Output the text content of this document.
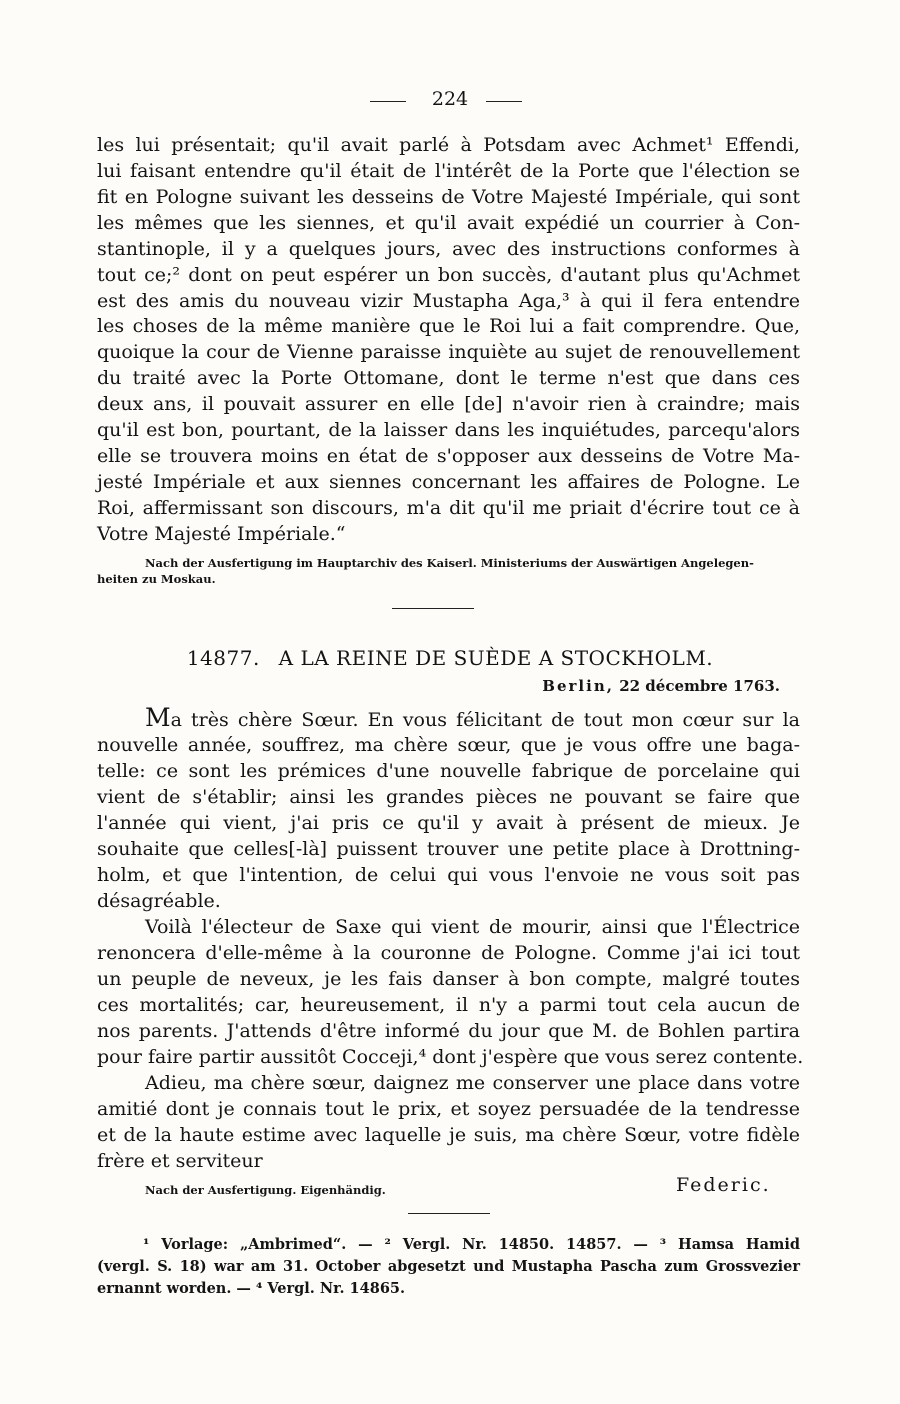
224
les lui présentait; qu'il avait parlé à Potsdam avec Achmet¹ Effendi,
lui faisant entendre qu'il était de l'intérêt de la Porte que l'élection se
fit en Pologne suivant les desseins de Votre Majesté Impériale, qui sont
les mêmes que les siennes, et qu'il avait expédié un courrier à Con-
stantinople, il y a quelques jours, avec des instructions conformes à
tout ce;² dont on peut espérer un bon succès, d'autant plus qu'Achmet
est des amis du nouveau vizir Mustapha Aga,³ à qui il fera entendre
les choses de la même manière que le Roi lui a fait comprendre. Que,
quoique la cour de Vienne paraisse inquiète au sujet de renouvellement
du traité avec la Porte Ottomane, dont le terme n'est que dans ces
deux ans, il pouvait assurer en elle [de] n'avoir rien à craindre; mais
qu'il est bon, pourtant, de la laisser dans les inquiétudes, parcequ'alors
elle se trouvera moins en état de s'opposer aux desseins de Votre Ma-
jesté Impériale et aux siennes concernant les affaires de Pologne. Le
Roi, affermissant son discours, m'a dit qu'il me priait d'écrire tout ce à
Votre Majesté Impériale.“
Nach der Ausfertigung im Hauptarchiv des Kaiserl. Ministeriums der Auswärtigen Angelegen-
heiten zu Moskau.
14877. A LA REINE DE SUÈDE A STOCKHOLM.
Berlin, 22 décembre 1763.
Ma très chère Sœur. En vous félicitant de tout mon cœur sur la
nouvelle année, souffrez, ma chère sœur, que je vous offre une baga-
telle: ce sont les prémices d'une nouvelle fabrique de porcelaine qui
vient de s'établir; ainsi les grandes pièces ne pouvant se faire que
l'année qui vient, j'ai pris ce qu'il y avait à présent de mieux. Je
souhaite que celles[-là] puissent trouver une petite place à Drottning-
holm, et que l'intention, de celui qui vous l'envoie ne vous soit pas
désagréable.
Voilà l'électeur de Saxe qui vient de mourir, ainsi que l'Électrice
renoncera d'elle-même à la couronne de Pologne. Comme j'ai ici tout
un peuple de neveux, je les fais danser à bon compte, malgré toutes
ces mortalités; car, heureusement, il n'y a parmi tout cela aucun de
nos parents. J'attends d'être informé du jour que M. de Bohlen partira
pour faire partir aussitôt Cocceji,⁴ dont j'espère que vous serez contente.
Adieu, ma chère sœur, daignez me conserver une place dans votre
amitié dont je connais tout le prix, et soyez persuadée de la tendresse
et de la haute estime avec laquelle je suis, ma chère Sœur, votre fidèle
frère et serviteur
Nach der Ausfertigung. Eigenhändig.	Federic.
¹ Vorlage: „Ambrimed“. — ² Vergl. Nr. 14850. 14857. — ³ Hamsa Hamid
(vergl. S. 18) war am 31. October abgesetzt und Mustapha Pascha zum Grossvezier
ernannt worden. — ⁴ Vergl. Nr. 14865.
